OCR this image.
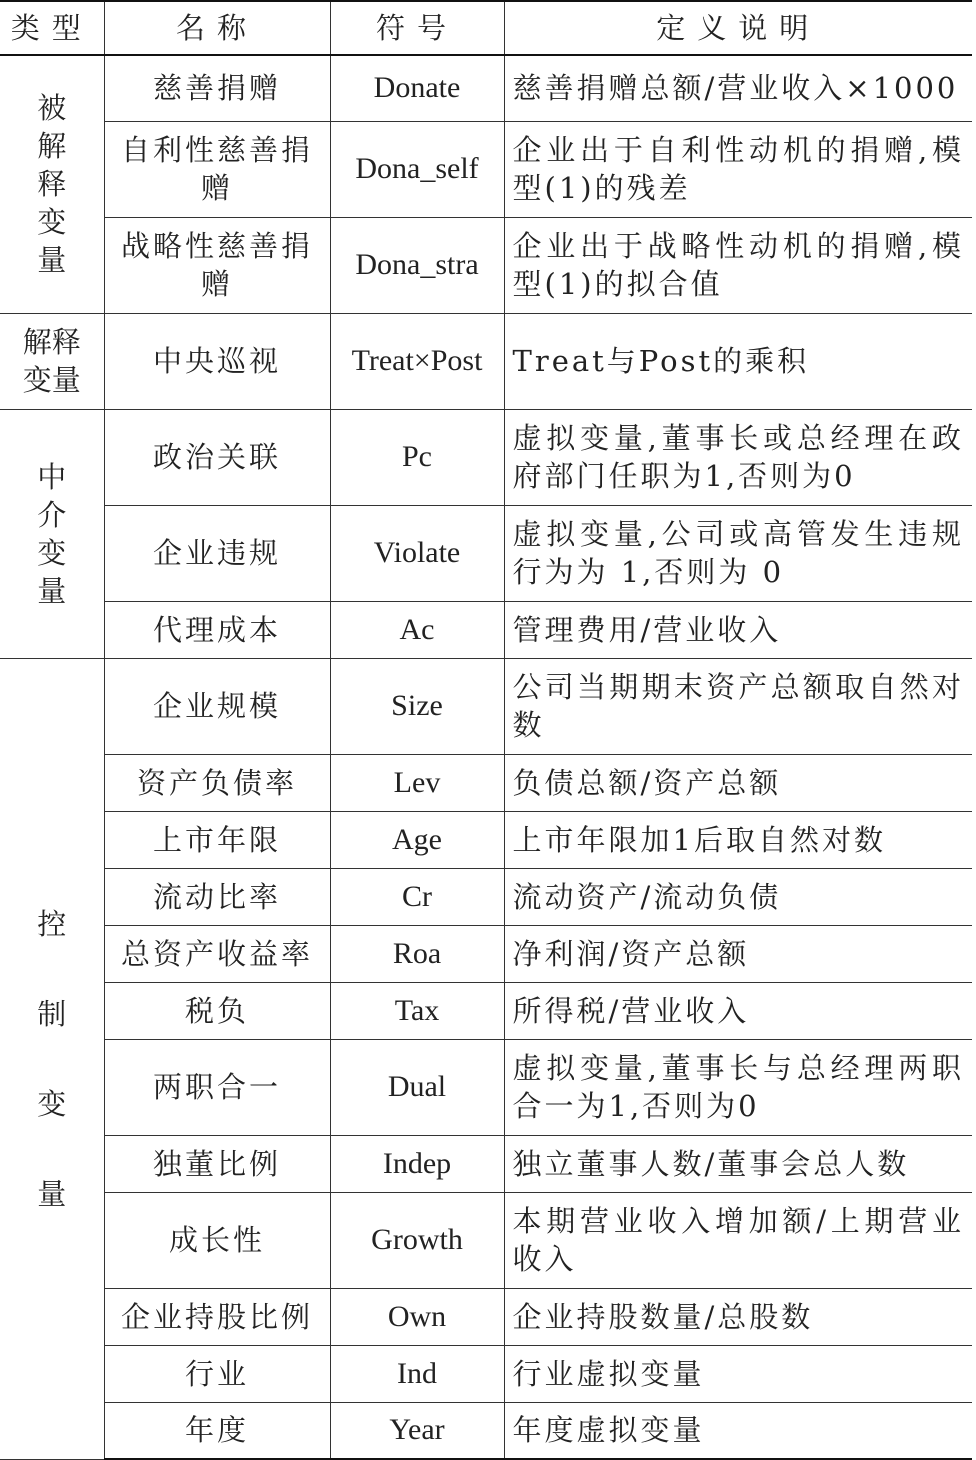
类型	名称	符号	定义说明
被解释变量	慈善捐赠	Donate	慈善捐赠总额/营业收入×1000
	自利性慈善捐赠	Dona_self	企业出于自利性动机的捐赠,模型(1)的残差
	战略性慈善捐赠	Dona_stra	企业出于战略性动机的捐赠,模型(1)的拟合值
解释变量	中央巡视	Treat×Post	Treat与Post的乘积
中介变量	政治关联	Pc	虚拟变量,董事长或总经理在政府部门任职为1,否则为0
	企业违规	Violate	虚拟变量,公司或高管发生违规行为为 1,否则为 0
	代理成本	Ac	管理费用/营业收入
控制变量	企业规模	Size	公司当期期末资产总额取自然对数
	资产负债率	Lev	负债总额/资产总额
	上市年限	Age	上市年限加1后取自然对数
	流动比率	Cr	流动资产/流动负债
	总资产收益率	Roa	净利润/资产总额
	税负	Tax	所得税/营业收入
	两职合一	Dual	虚拟变量,董事长与总经理两职合一为1,否则为0
	独董比例	Indep	独立董事人数/董事会总人数
	成长性	Growth	本期营业收入增加额/上期营业收入
	企业持股比例	Own	企业持股数量/总股数
	行业	Ind	行业虚拟变量
	年度	Year	年度虚拟变量
